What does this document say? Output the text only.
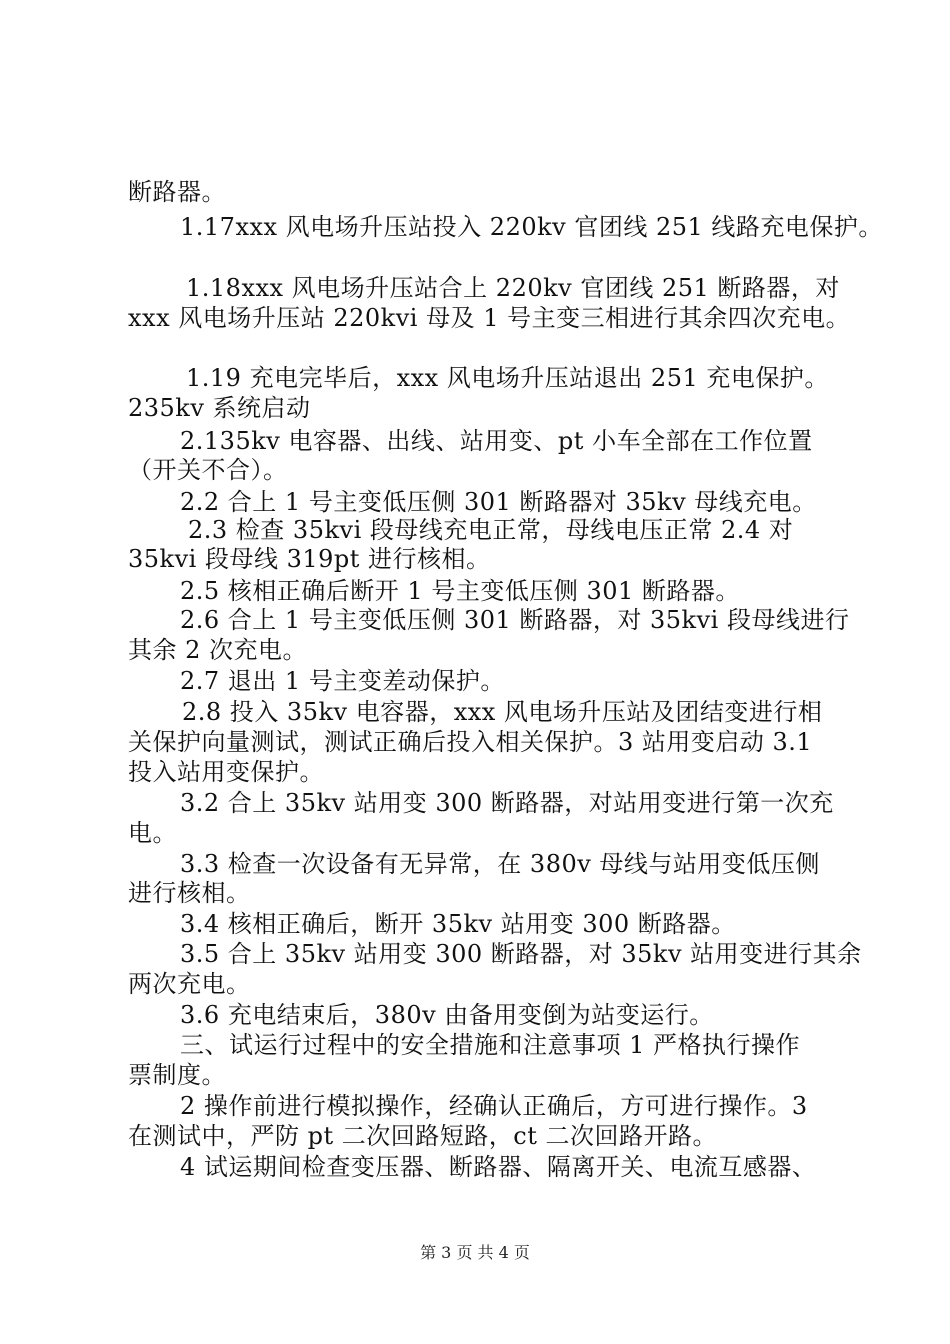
断路器。
1.17xxx 风电场升压站投入 220kv 官团线 251 线路充电保护。
1.18xxx 风电场升压站合上 220kv 官团线 251 断路器，对
xxx 风电场升压站 220kvi 母及 1 号主变三相进行其余四次充电。
1.19 充电完毕后，xxx 风电场升压站退出 251 充电保护。
235kv 系统启动
2.135kv 电容器、出线、站用变、pt 小车全部在工作位置
（开关不合）。
2.2 合上 1 号主变低压侧 301 断路器对 35kv 母线充电。
2.3 检查 35kvi 段母线充电正常，母线电压正常 2.4 对
35kvi 段母线 319pt 进行核相。
2.5 核相正确后断开 1 号主变低压侧 301 断路器。
2.6 合上 1 号主变低压侧 301 断路器，对 35kvi 段母线进行
其余 2 次充电。
2.7 退出 1 号主变差动保护。
2.8 投入 35kv 电容器，xxx 风电场升压站及团结变进行相
关保护向量测试，测试正确后投入相关保护。3 站用变启动 3.1
投入站用变保护。
3.2 合上 35kv 站用变 300 断路器，对站用变进行第一次充
电。
3.3 检查一次设备有无异常，在 380v 母线与站用变低压侧
进行核相。
3.4 核相正确后，断开 35kv 站用变 300 断路器。
3.5 合上 35kv 站用变 300 断路器，对 35kv 站用变进行其余
两次充电。
3.6 充电结束后，380v 由备用变倒为站变运行。
三、试运行过程中的安全措施和注意事项 1 严格执行操作
票制度。
2 操作前进行模拟操作，经确认正确后，方可进行操作。3
在测试中，严防 pt 二次回路短路，ct 二次回路开路。
4 试运期间检查变压器、断路器、隔离开关、电流互感器、
第 3 页 共 4 页
